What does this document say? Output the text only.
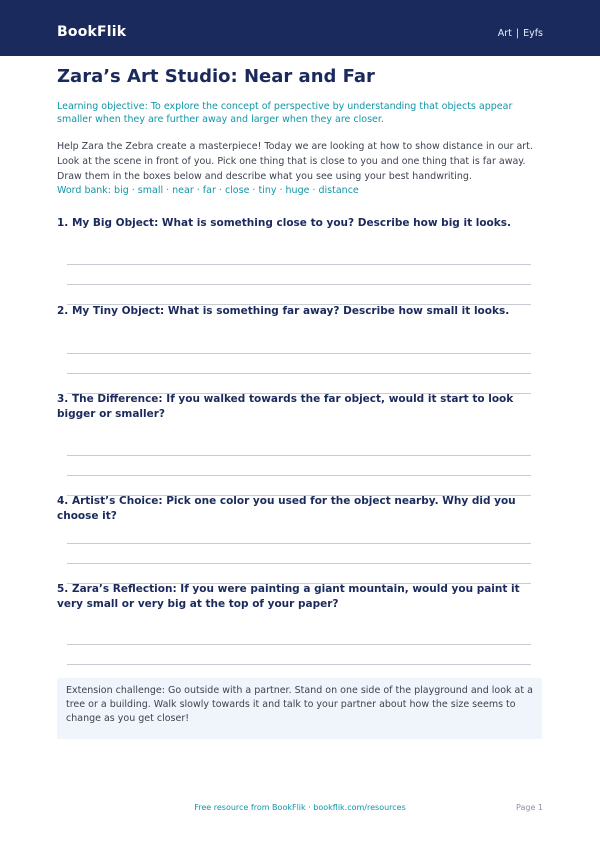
BookFlik	Art | Eyfs
Zara’s Art Studio: Near and Far
Learning objective: To explore the concept of perspective by understanding that objects appear smaller when they are further away and larger when they are closer.
Help Zara the Zebra create a masterpiece! Today we are looking at how to show distance in our art. Look at the scene in front of you. Pick one thing that is close to you and one thing that is far away. Draw them in the boxes below and describe what you see using your best handwriting.
Word bank: big · small · near · far · close · tiny · huge · distance
1. My Big Object: What is something close to you? Describe how big it looks.
2. My Tiny Object: What is something far away? Describe how small it looks.
3. The Difference: If you walked towards the far object, would it start to look bigger or smaller?
4. Artist’s Choice: Pick one color you used for the object nearby. Why did you choose it?
5. Zara’s Reflection: If you were painting a giant mountain, would you paint it very small or very big at the top of your paper?
Extension challenge: Go outside with a partner. Stand on one side of the playground and look at a tree or a building. Walk slowly towards it and talk to your partner about how the size seems to change as you get closer!
Free resource from BookFlik · bookflik.com/resources	Page 1
